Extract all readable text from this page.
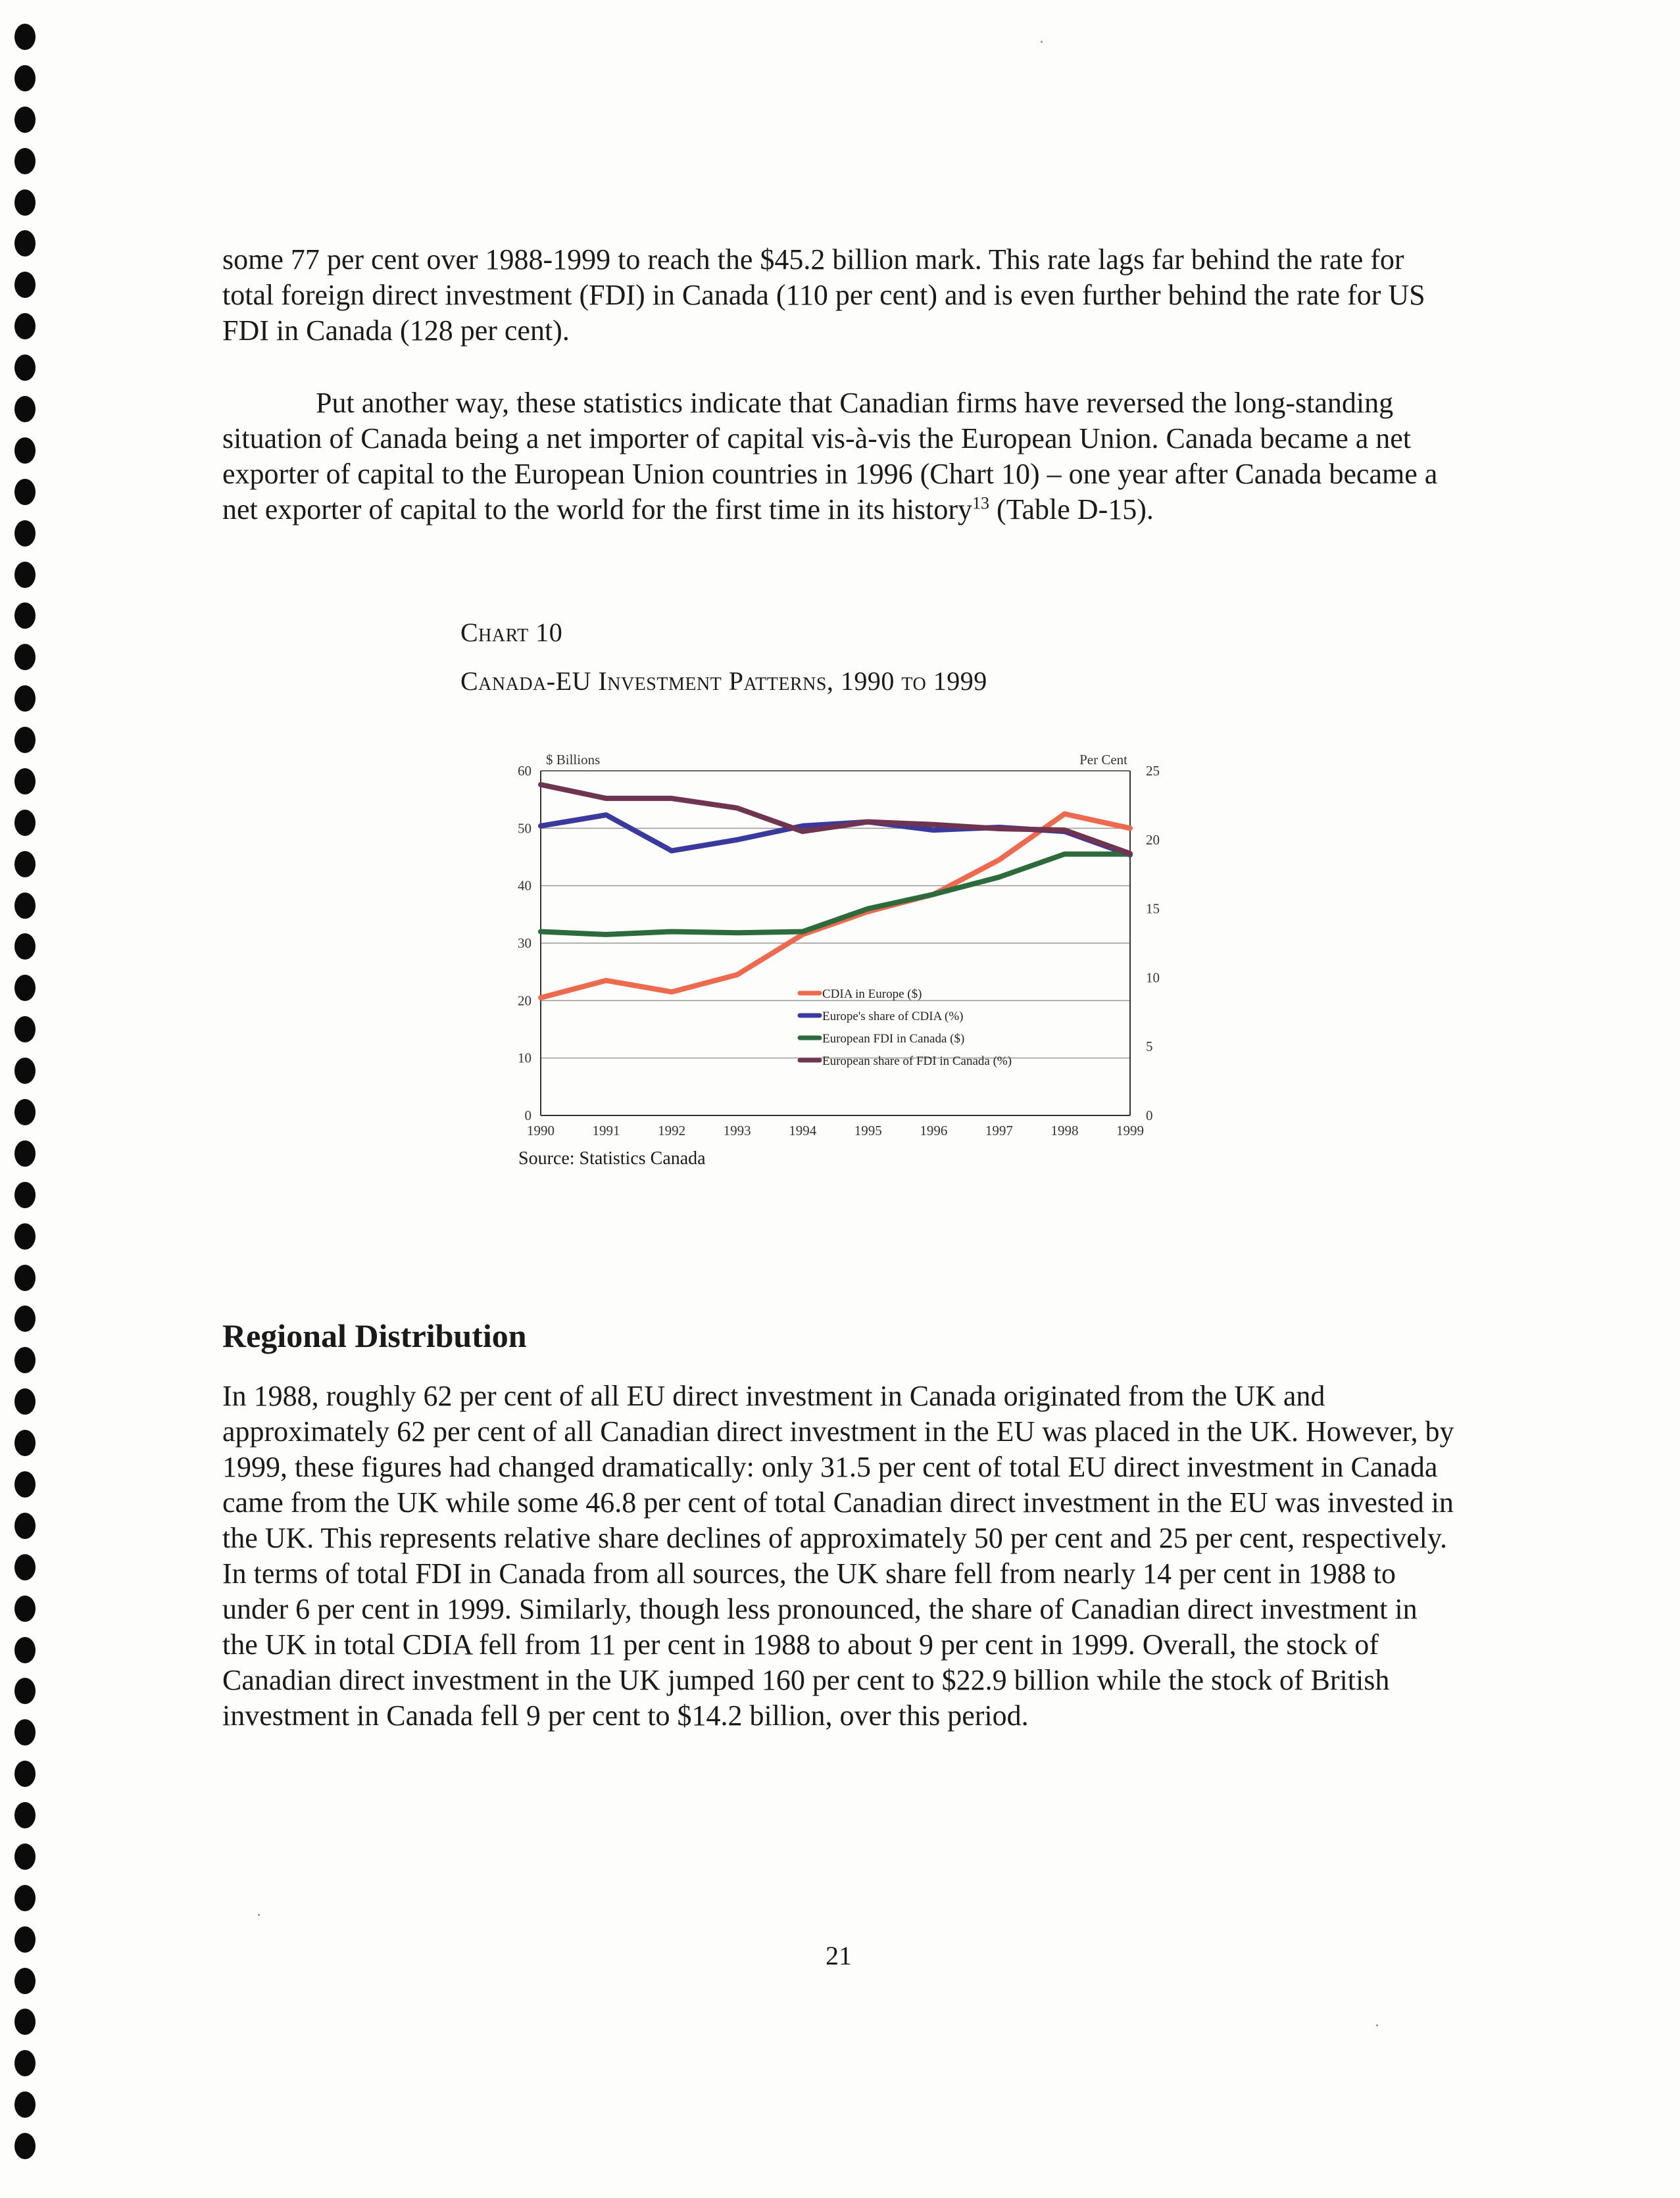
some 77 per cent over 1988-1999 to reach the $45.2 billion mark. This rate lags far behind the rate for total foreign direct investment (FDI) in Canada (110 per cent) and is even further behind the rate for US FDI in Canada (128 per cent).

Put another way, these statistics indicate that Canadian firms have reversed the long-standing situation of Canada being a net importer of capital vis-à-vis the European Union. Canada became a net exporter of capital to the European Union countries in 1996 (Chart 10) – one year after Canada became a net exporter of capital to the world for the first time in its history$^{13}$ (Table D-15).

Chart 10
Canada-EU Investment Patterns, 1990 to 1999
0
10
20
30
40
50
60
0
5
10
15
20
25
1990	1991	1992	1993	1994	1995	1996	1997	1998	1999
$ Billions	Per Cent
CDIA in Europe ($)
Europe's share of CDIA (%)
European FDI in Canada ($)
European share of FDI in Canada (%)
Source: Statistics Canada
Regional Distribution

In 1988, roughly 62 per cent of all EU direct investment in Canada originated from the UK and approximately 62 per cent of all Canadian direct investment in the EU was placed in the UK. However, by 1999, these figures had changed dramatically: only 31.5 per cent of total EU direct investment in Canada came from the UK while some 46.8 per cent of total Canadian direct investment in the EU was invested in the UK. This represents relative share declines of approximately 50 per cent and 25 per cent, respectively. In terms of total FDI in Canada from all sources, the UK share fell from nearly 14 per cent in 1988 to under 6 per cent in 1999. Similarly, though less pronounced, the share of Canadian direct investment in the UK in total CDIA fell from 11 per cent in 1988 to about 9 per cent in 1999. Overall, the stock of Canadian direct investment in the UK jumped 160 per cent to $22.9 billion while the stock of British investment in Canada fell 9 per cent to $14.2 billion, over this period.

21
